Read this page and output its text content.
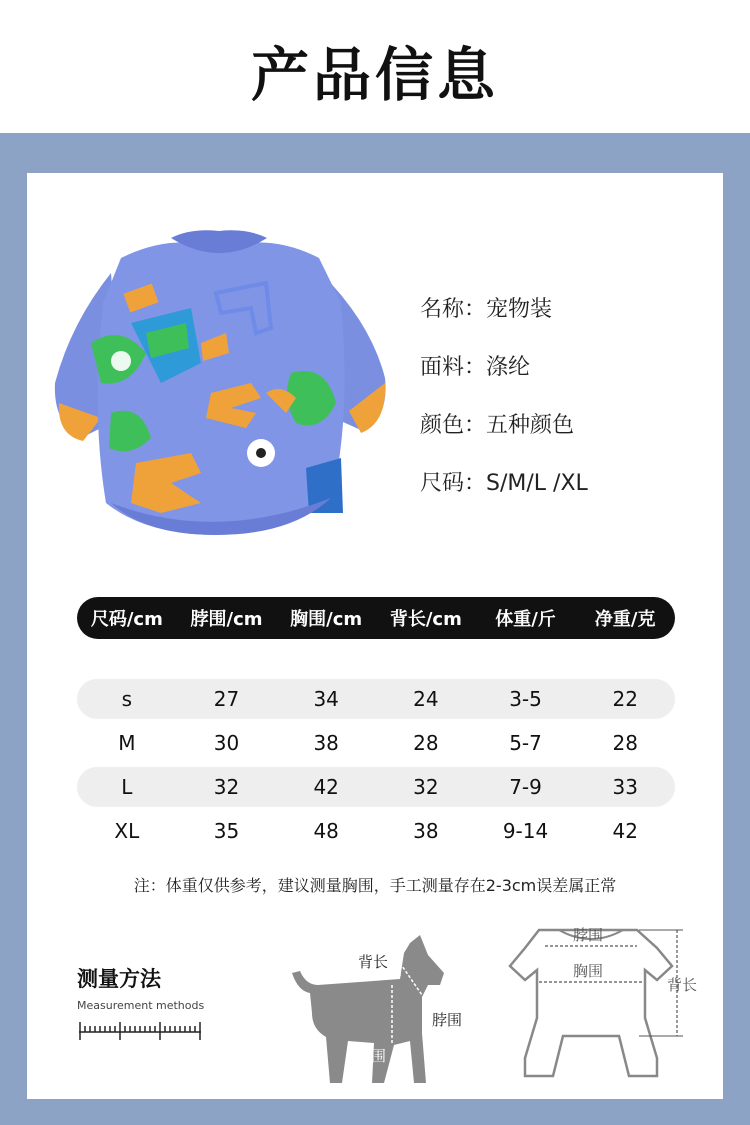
产品信息
名称：宠物装
面料：涤纶
颜色：五种颜色
尺码：S/M/L /XL
尺码/cm	脖围/cm	胸围/cm	背长/cm	体重/斤	净重/克
s	27	34	24	3-5	22
M	30	38	28	5-7	28
L	32	42	32	7-9	33
XL	35	48	38	9-14	42
注：体重仅供参考，建议测量胸围，手工测量存在2-3cm误差属正常
测量方法
Measurement methods
背长
脖围
胸围
脖围
胸围
背长
